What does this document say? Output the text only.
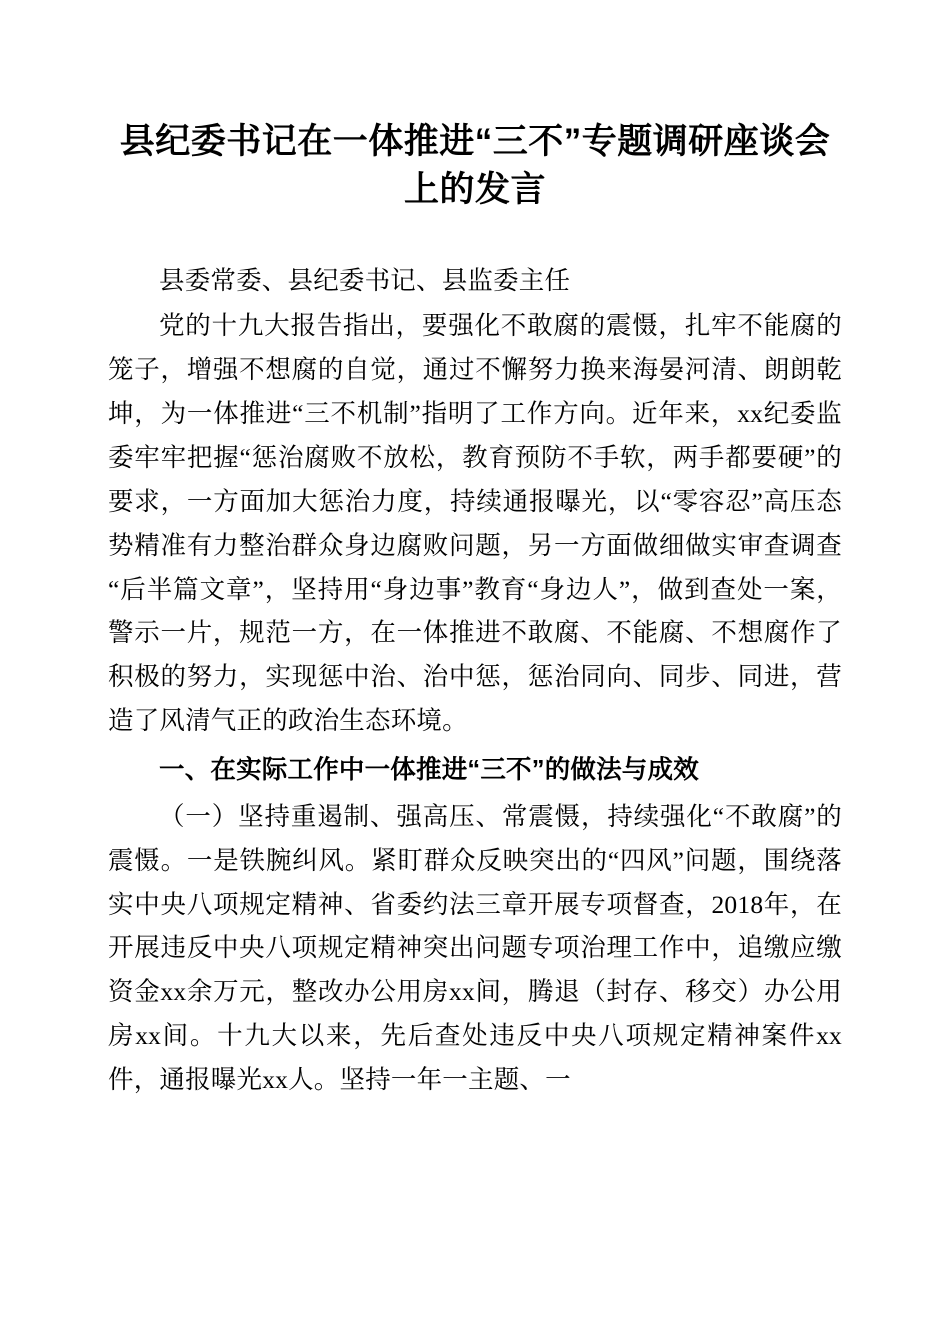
县纪委书记在一体推进“三不”专题调研座谈会上的发言

县委常委、县纪委书记、县监委主任

党的十九大报告指出，要强化不敢腐的震慑，扎牢不能腐的笼子，增强不想腐的自觉，通过不懈努力换来海晏河清、朗朗乾坤，为一体推进“三不机制”指明了工作方向。近年来，xx纪委监委牢牢把握“惩治腐败不放松，教育预防不手软，两手都要硬”的要求，一方面加大惩治力度，持续通报曝光，以“零容忍”高压态势精准有力整治群众身边腐败问题，另一方面做细做实审查调查“后半篇文章”，坚持用“身边事”教育“身边人”，做到查处一案，警示一片，规范一方，在一体推进不敢腐、不能腐、不想腐作了积极的努力，实现惩中治、治中惩，惩治同向、同步、同进，营造了风清气正的政治生态环境。

一、在实际工作中一体推进“三不”的做法与成效

（一）坚持重遏制、强高压、常震慑，持续强化“不敢腐”的震慑。一是铁腕纠风。紧盯群众反映突出的“四风”问题，围绕落实中央八项规定精神、省委约法三章开展专项督查，2018年，在开展违反中央八项规定精神突出问题专项治理工作中，追缴应缴资金xx余万元，整改办公用房xx间，腾退（封存、移交）办公用房xx间。十九大以来，先后查处违反中央八项规定精神案件xx件，通报曝光xx人。坚持一年一主题、一
